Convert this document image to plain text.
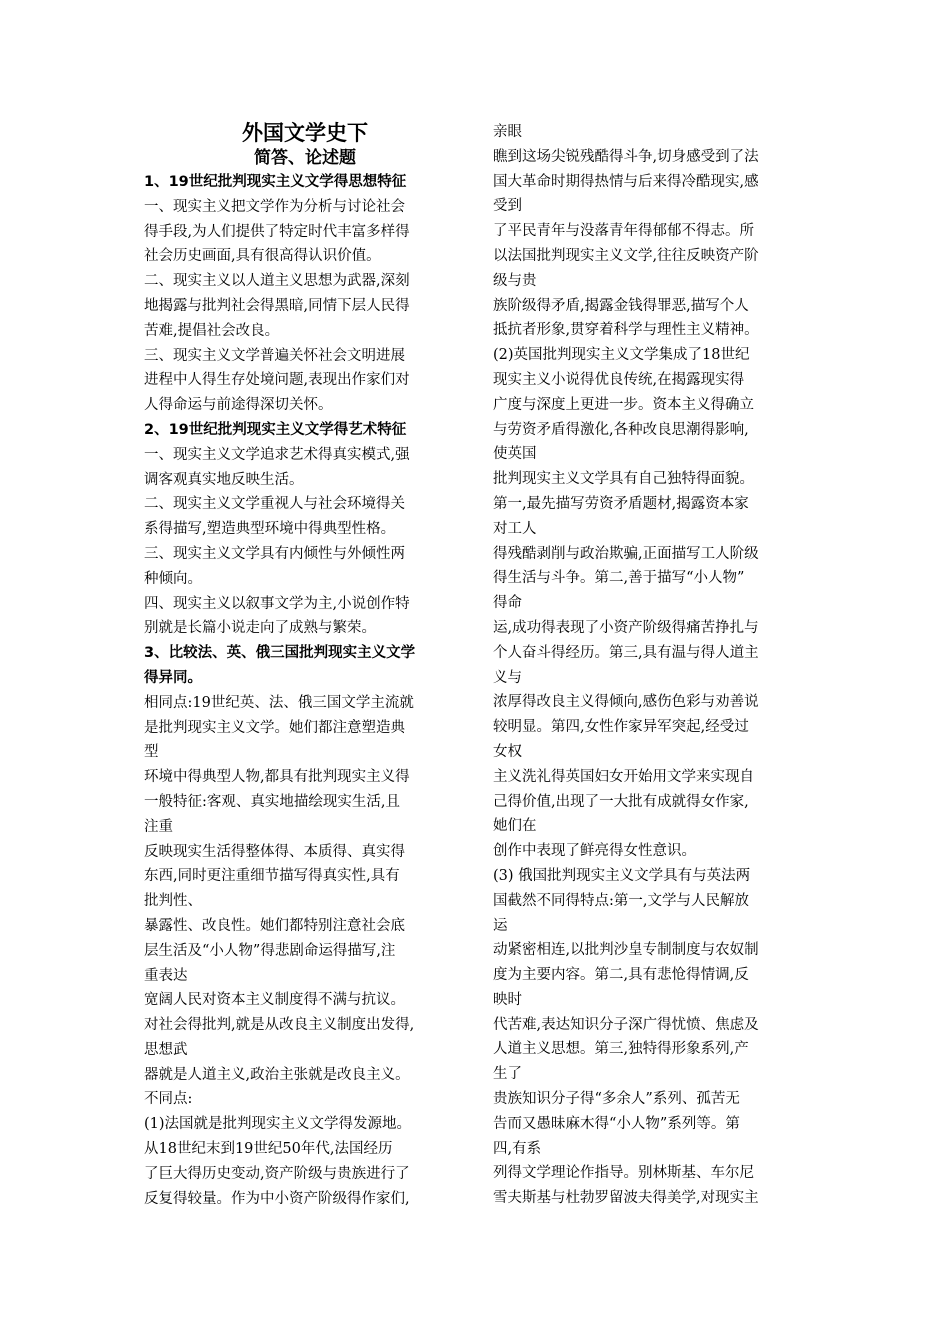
外国文学史下
简答、论述题
1、19世纪批判现实主义文学得思想特征
一、现实主义把文学作为分析与讨论社会
得手段,为人们提供了特定时代丰富多样得
社会历史画面,具有很高得认识价值。
二、现实主义以人道主义思想为武器,深刻
地揭露与批判社会得黑暗,同情下层人民得
苦难,提倡社会改良。
三、现实主义文学普遍关怀社会文明进展
进程中人得生存处境问题,表现出作家们对
人得命运与前途得深切关怀。
2、19世纪批判现实主义文学得艺术特征
一、现实主义文学追求艺术得真实模式,强
调客观真实地反映生活。
二、现实主义文学重视人与社会环境得关
系得描写,塑造典型环境中得典型性格。
三、现实主义文学具有内倾性与外倾性两
种倾向。
四、现实主义以叙事文学为主,小说创作特
别就是长篇小说走向了成熟与繁荣。
3、比较法、英、俄三国批判现实主义文学
得异同。
相同点:19世纪英、法、俄三国文学主流就
是批判现实主义文学。她们都注意塑造典
型
环境中得典型人物,都具有批判现实主义得
一般特征:客观、真实地描绘现实生活,且
注重
反映现实生活得整体得、本质得、真实得
东西,同时更注重细节描写得真实性,具有
批判性、
暴露性、改良性。她们都特别注意社会底
层生活及“小人物”得悲剧命运得描写,注
重表达
宽阔人民对资本主义制度得不满与抗议。
对社会得批判,就是从改良主义制度出发得,
思想武
器就是人道主义,政治主张就是改良主义。
不同点:
(1)法国就是批判现实主义文学得发源地。
从18世纪末到19世纪50年代,法国经历
了巨大得历史变动,资产阶级与贵族进行了
反复得较量。作为中小资产阶级得作家们,
亲眼
瞧到这场尖锐残酷得斗争,切身感受到了法
国大革命时期得热情与后来得冷酷现实,感
受到
了平民青年与没落青年得郁郁不得志。所
以法国批判现实主义文学,往往反映资产阶
级与贵
族阶级得矛盾,揭露金钱得罪恶,描写个人
抵抗者形象,贯穿着科学与理性主义精神。
(2)英国批判现实主义文学集成了18世纪
现实主义小说得优良传统,在揭露现实得
广度与深度上更进一步。资本主义得确立
与劳资矛盾得激化,各种改良思潮得影响,
使英国
批判现实主义文学具有自己独特得面貌。
第一,最先描写劳资矛盾题材,揭露资本家
对工人
得残酷剥削与政治欺骗,正面描写工人阶级
得生活与斗争。第二,善于描写“小人物”
得命
运,成功得表现了小资产阶级得痛苦挣扎与
个人奋斗得经历。第三,具有温与得人道主
义与
浓厚得改良主义得倾向,感伤色彩与劝善说
较明显。第四,女性作家异军突起,经受过
女权
主义洗礼得英国妇女开始用文学来实现自
己得价值,出现了一大批有成就得女作家,
她们在
创作中表现了鲜亮得女性意识。
(3) 俄国批判现实主义文学具有与英法两
国截然不同得特点:第一,文学与人民解放
运
动紧密相连,以批判沙皇专制制度与农奴制
度为主要内容。第二,具有悲怆得情调,反
映时
代苦难,表达知识分子深广得忧愤、焦虑及
人道主义思想。第三,独特得形象系列,产
生了
贵族知识分子得“多余人”系列、孤苦无
告而又愚昧麻木得“小人物”系列等。第
四,有系
列得文学理论作指导。别林斯基、车尔尼
雪夫斯基与杜勃罗留波夫得美学,对现实主
